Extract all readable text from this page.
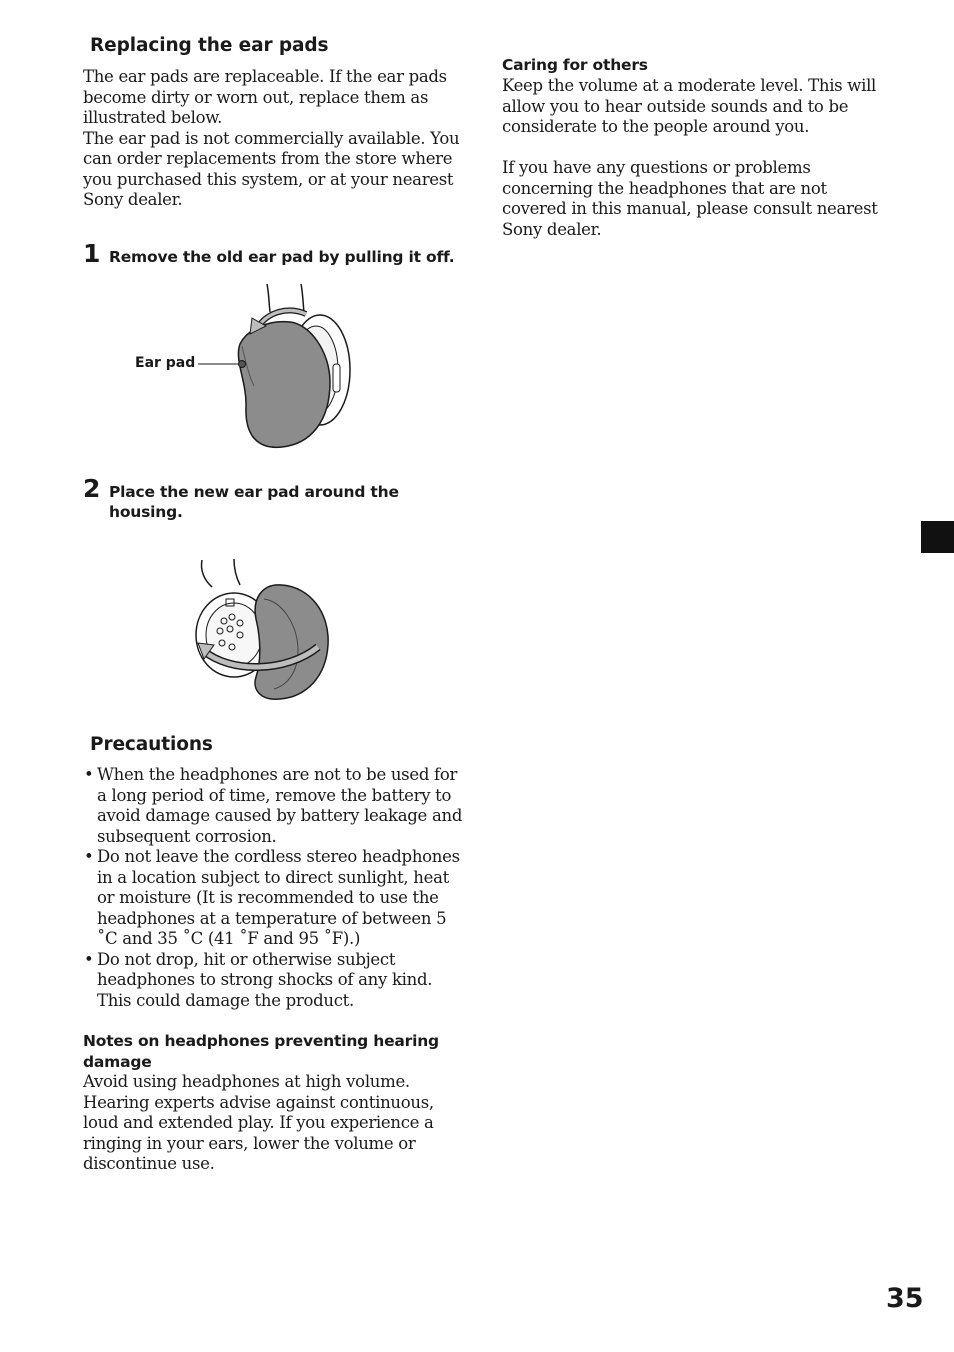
Replacing the ear pads

The ear pads are replaceable. If the ear pads become dirty or worn out, replace them as illustrated below.

The ear pad is not commercially available. You can order replacements from the store where you purchased this system, or at your nearest Sony dealer.

1 Remove the old ear pad by pulling it off.
Ear pad
2 Place the new ear pad around the housing.
Precautions
• When the headphones are not to be used for a long period of time, remove the battery to avoid damage caused by battery leakage and subsequent corrosion.
• Do not leave the cordless stereo headphones in a location subject to direct sunlight, heat or moisture (It is recommended to use the headphones at a temperature of between 5 ˚C and 35 ˚C (41 ˚F and 95 ˚F).)
• Do not drop, hit or otherwise subject headphones to strong shocks of any kind. This could damage the product.
Notes on headphones preventing hearing damage
Avoid using headphones at high volume. Hearing experts advise against continuous, loud and extended play. If you experience a ringing in your ears, lower the volume or discontinue use.
Caring for others
Keep the volume at a moderate level. This will allow you to hear outside sounds and to be considerate to the people around you.
If you have any questions or problems concerning the headphones that are not covered in this manual, please consult nearest Sony dealer.
35
